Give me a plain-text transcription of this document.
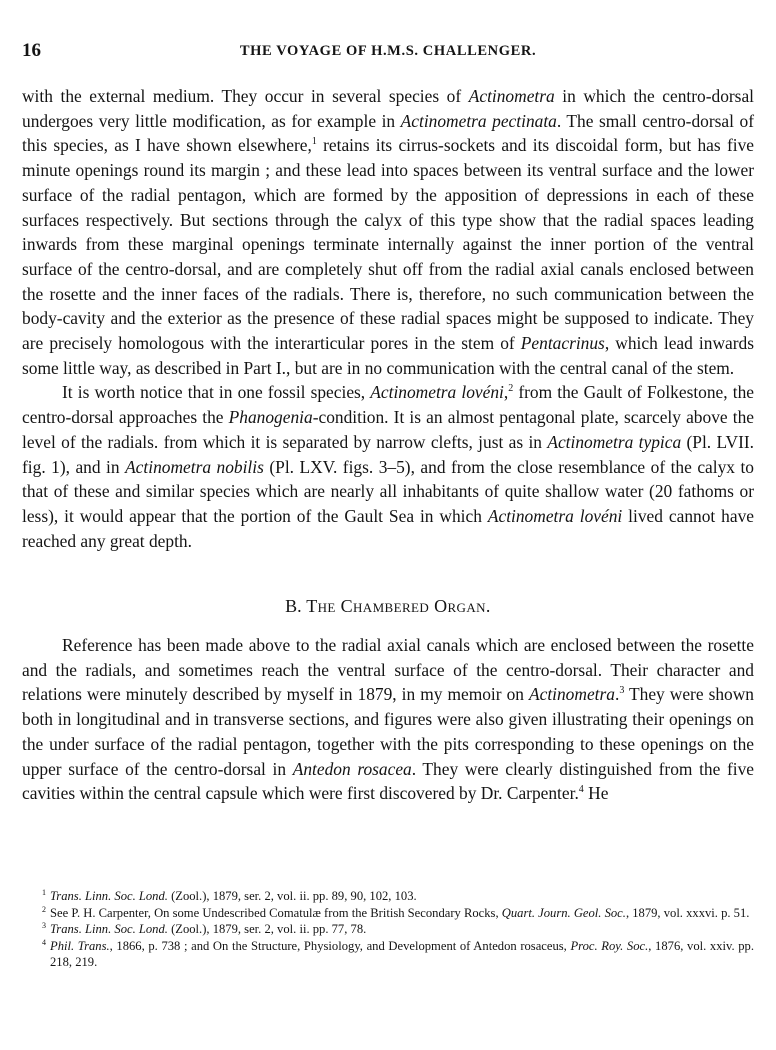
16	THE VOYAGE OF H.M.S. CHALLENGER.

with the external medium. They occur in several species of Actinometra in which the centro-dorsal undergoes very little modification, as for example in Actinometra pectinata. The small centro-dorsal of this species, as I have shown elsewhere,$^1$ retains its cirrus-sockets and its discoidal form, but has five minute openings round its margin ; and these lead into spaces between its ventral surface and the lower surface of the radial pentagon, which are formed by the apposition of depressions in each of these surfaces respectively. But sections through the calyx of this type show that the radial spaces leading inwards from these marginal openings terminate internally against the inner portion of the ventral surface of the centro-dorsal, and are completely shut off from the radial axial canals enclosed between the rosette and the inner faces of the radials. There is, therefore, no such communication between the body-cavity and the exterior as the presence of these radial spaces might be supposed to indicate. They are precisely homologous with the interarticular pores in the stem of Pentacrinus, which lead inwards some little way, as described in Part I., but are in no communication with the central canal of the stem.

It is worth notice that in one fossil species, Actinometra lovéni,$^2$ from the Gault of Folkestone, the centro-dorsal approaches the Phanogenia-condition. It is an almost pentagonal plate, scarcely above the level of the radials. from which it is separated by narrow clefts, just as in Actinometra typica (Pl. LVII. fig. 1), and in Actinometra nobilis (Pl. LXV. figs. 3–5), and from the close resemblance of the calyx to that of these and similar species which are nearly all inhabitants of quite shallow water (20 fathoms or less), it would appear that the portion of the Gault Sea in which Actinometra lovéni lived cannot have reached any great depth.

B. The Chambered Organ.

Reference has been made above to the radial axial canals which are enclosed between the rosette and the radials, and sometimes reach the ventral surface of the centro-dorsal. Their character and relations were minutely described by myself in 1879, in my memoir on Actinometra.$^3$ They were shown both in longitudinal and in transverse sections, and figures were also given illustrating their openings on the under surface of the radial pentagon, together with the pits corresponding to these openings on the upper surface of the centro-dorsal in Antedon rosacea. They were clearly distinguished from the five cavities within the central capsule which were first discovered by Dr. Carpenter.$^4$ He

$^1$ Trans. Linn. Soc. Lond. (Zool.), 1879, ser. 2, vol. ii. pp. 89, 90, 102, 103.

$^2$ See P. H. Carpenter, On some Undescribed Comatulæ from the British Secondary Rocks, Quart. Journ. Geol. Soc., 1879, vol. xxxvi. p. 51.

$^3$ Trans. Linn. Soc. Lond. (Zool.), 1879, ser. 2, vol. ii. pp. 77, 78.

$^4$ Phil. Trans., 1866, p. 738 ; and On the Structure, Physiology, and Development of Antedon rosaceus, Proc. Roy. Soc., 1876, vol. xxiv. pp. 218, 219.
